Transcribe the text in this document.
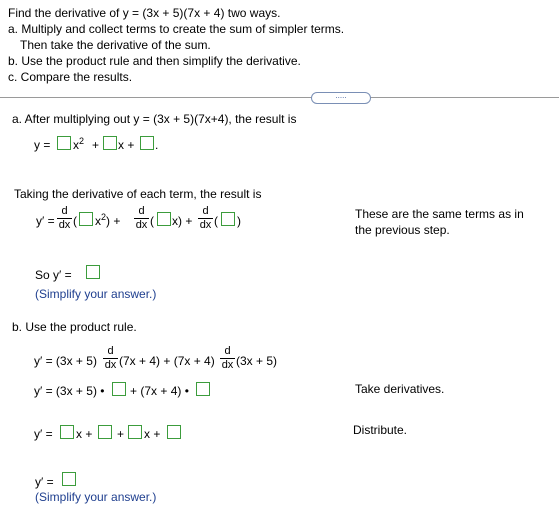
Find the derivative of y = (3x + 5)(7x + 4) two ways.
a. Multiply and collect terms to create the sum of simpler terms.
Then take the derivative of the sum.
b. Use the product rule and then simplify the derivative.
c. Compare the results.
.....
a. After multiplying out y = (3x + 5)(7x+4), the result is
$y = x^2 + x$ + .
Taking the derivative of each term, the result is
y′ =
d
dx ( $x^2$) +
d
dx ( x) +
d
dx ( )	These are the same terms as in
the previous step.
So y′ =
(Simplify your answer.)
b. Use the product rule.
y′ = (3x + 5)
d
dx (7x + 4) + (7x + 4)
d
dx (3x + 5)
y′ = (3x + 5) • + (7x + 4) •	Take derivatives.
y′ = x + + x +	Distribute.
y′ =
(Simplify your answer.)
